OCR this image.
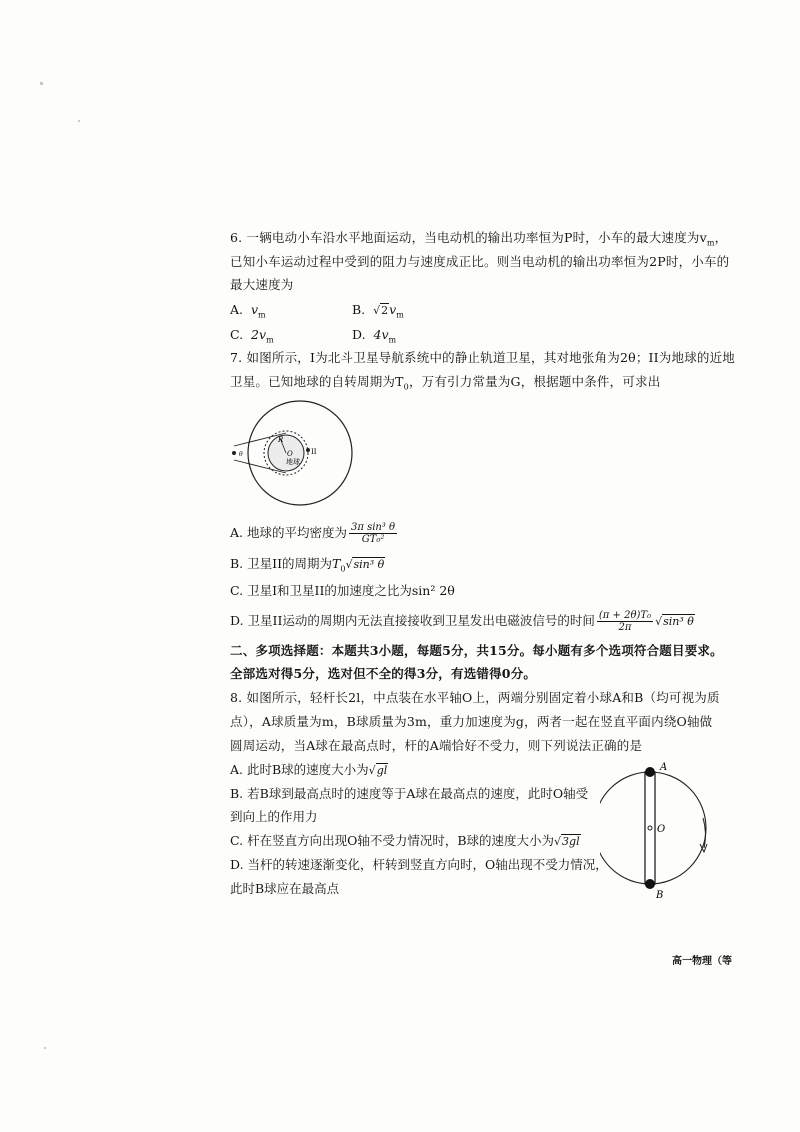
6. 一辆电动小车沿水平地面运动，当电动机的输出功率恒为P时，小车的最大速度为$v_m$，
已知小车运动过程中受到的阻力与速度成正比。则当电动机的输出功率恒为2P时，小车的
最大速度为
A. $v_m$	B. $√2v_m$
C. $2v_m$	D. $4v_m$
7. 如图所示，I为北斗卫星导航系统中的静止轨道卫星，其对地张角为2θ；II为地球的近地
卫星。已知地球的自转周期为$T_0$，万有引力常量为G，根据题中条件，可求出
R
O
地球
θ	II
A. 地球的平均密度为 $\frac{\text{3π sin³ θ}}{\text{GT₀²}}$
B. 卫星II的周期为$T_0√\sin^3$ θ
C. 卫星I和卫星II的加速度之比为sin² 2θ
D. 卫星II运动的周期内无法直接接收到卫星发出电磁波信号的时间 $\frac{\text{(π + 2θ)T₀}}{2\pi} √\sin^3$ θ
二、多项选择题：本题共3小题，每题5分，共15分。每小题有多个选项符合题目要求。
全部选对得5分，选对但不全的得3分，有选错得0分。
8. 如图所示，轻杆长2l，中点装在水平轴O上，两端分别固定着小球A和B（均可视为质
点），A球质量为m，B球质量为3m，重力加速度为g，两者一起在竖直平面内绕O轴做
圆周运动，当A球在最高点时，杆的A端恰好不受力，则下列说法正确的是
A. 此时B球的速度大小为√gl
B. 若B球到最高点时的速度等于A球在最高点的速度，此时O轴受
到向上的作用力
C. 杆在竖直方向出现O轴不受力情况时，B球的速度大小为√3gl
D. 当杆的转速逐渐变化，杆转到竖直方向时，O轴出现不受力情况，
此时B球应在最高点
A
B
O
高一物理（等
